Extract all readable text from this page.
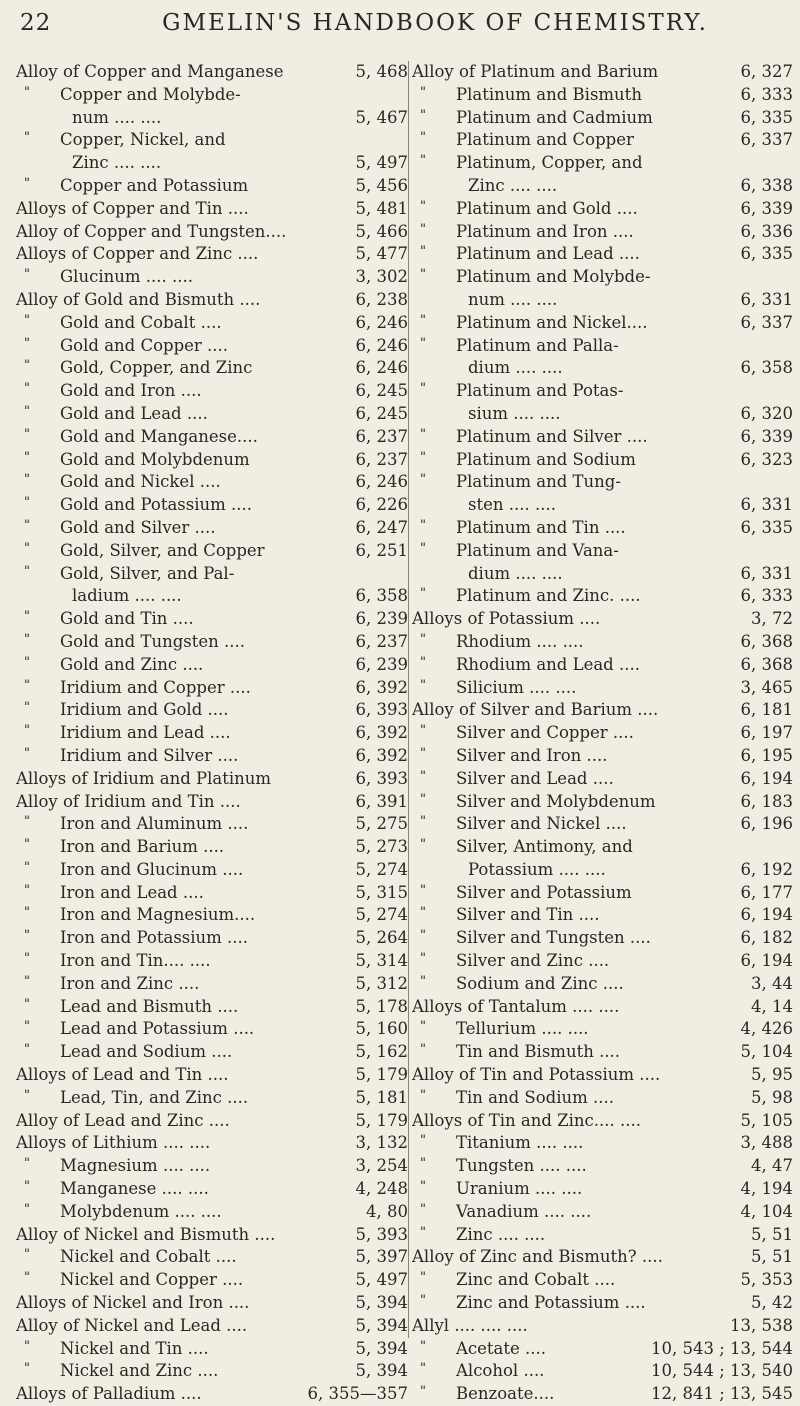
22	GMELIN'S HANDBOOK OF CHEMISTRY.
Alloy of Copper and Manganese	5, 468
" Copper and Molybde-
num .... ....	5, 467
" Copper, Nickel, and
Zinc .... ....	5, 497
" Copper and Potassium	5, 456
Alloys of Copper and Tin ....	5, 481
Alloy of Copper and Tungsten....	5, 466
Alloys of Copper and Zinc ....	5, 477
" Glucinum .... ....	3, 302
Alloy of Gold and Bismuth ....	6, 238
" Gold and Cobalt ....	6, 246
" Gold and Copper ....	6, 246
" Gold, Copper, and Zinc	6, 246
" Gold and Iron ....	6, 245
" Gold and Lead ....	6, 245
" Gold and Manganese....	6, 237
" Gold and Molybdenum	6, 237
" Gold and Nickel ....	6, 246
" Gold and Potassium ....	6, 226
" Gold and Silver ....	6, 247
" Gold, Silver, and Copper	6, 251
" Gold, Silver, and Pal-
ladium .... ....	6, 358
" Gold and Tin ....	6, 239
" Gold and Tungsten ....	6, 237
" Gold and Zinc ....	6, 239
" Iridium and Copper ....	6, 392
" Iridium and Gold ....	6, 393
" Iridium and Lead ....	6, 392
" Iridium and Silver ....	6, 392
Alloys of Iridium and Platinum	6, 393
Alloy of Iridium and Tin ....	6, 391
" Iron and Aluminum ....	5, 275
" Iron and Barium ....	5, 273
" Iron and Glucinum ....	5, 274
" Iron and Lead ....	5, 315
" Iron and Magnesium....	5, 274
" Iron and Potassium ....	5, 264
" Iron and Tin.... ....	5, 314
" Iron and Zinc ....	5, 312
" Lead and Bismuth ....	5, 178
" Lead and Potassium ....	5, 160
" Lead and Sodium ....	5, 162
Alloys of Lead and Tin ....	5, 179
" Lead, Tin, and Zinc ....	5, 181
Alloy of Lead and Zinc ....	5, 179
Alloys of Lithium .... ....	3, 132
" Magnesium .... ....	3, 254
" Manganese .... ....	4, 248
" Molybdenum .... ....	4, 80
Alloy of Nickel and Bismuth ....	5, 393
" Nickel and Cobalt ....	5, 397
" Nickel and Copper ....	5, 497
Alloys of Nickel and Iron ....	5, 394
Alloy of Nickel and Lead ....	5, 394
" Nickel and Tin ....	5, 394
" Nickel and Zinc ....	5, 394
Alloys of Palladium ....	6, 355—357
Alloy of Platinum and Barium	6, 327
" Platinum and Bismuth	6, 333
" Platinum and Cadmium	6, 335
" Platinum and Copper	6, 337
" Platinum, Copper, and
Zinc .... ....	6, 338
" Platinum and Gold ....	6, 339
" Platinum and Iron ....	6, 336
" Platinum and Lead ....	6, 335
" Platinum and Molybde-
num .... ....	6, 331
" Platinum and Nickel....	6, 337
" Platinum and Palla-
dium .... ....	6, 358
" Platinum and Potas-
sium .... ....	6, 320
" Platinum and Silver ....	6, 339
" Platinum and Sodium	6, 323
" Platinum and Tung-
sten .... ....	6, 331
" Platinum and Tin ....	6, 335
" Platinum and Vana-
dium .... ....	6, 331
" Platinum and Zinc. ....	6, 333
Alloys of Potassium ....	3, 72
" Rhodium .... ....	6, 368
" Rhodium and Lead ....	6, 368
" Silicium .... ....	3, 465
Alloy of Silver and Barium ....	6, 181
" Silver and Copper ....	6, 197
" Silver and Iron ....	6, 195
" Silver and Lead ....	6, 194
" Silver and Molybdenum	6, 183
" Silver and Nickel ....	6, 196
" Silver, Antimony, and
Potassium .... ....	6, 192
" Silver and Potassium	6, 177
" Silver and Tin ....	6, 194
" Silver and Tungsten ....	6, 182
" Silver and Zinc ....	6, 194
" Sodium and Zinc ....	3, 44
Alloys of Tantalum .... ....	4, 14
" Tellurium .... ....	4, 426
" Tin and Bismuth ....	5, 104
Alloy of Tin and Potassium ....	5, 95
" Tin and Sodium ....	5, 98
Alloys of Tin and Zinc.... ....	5, 105
" Titanium .... ....	3, 488
" Tungsten .... ....	4, 47
" Uranium .... ....	4, 194
" Vanadium .... ....	4, 104
" Zinc .... ....	5, 51
Alloy of Zinc and Bismuth? ....	5, 51
" Zinc and Cobalt ....	5, 353
" Zinc and Potassium ....	5, 42
Allyl .... .... ....	13, 538
" Acetate ....	10, 543 ; 13, 544
" Alcohol ....	10, 544 ; 13, 540
" Benzoate....	12, 841 ; 13, 545
